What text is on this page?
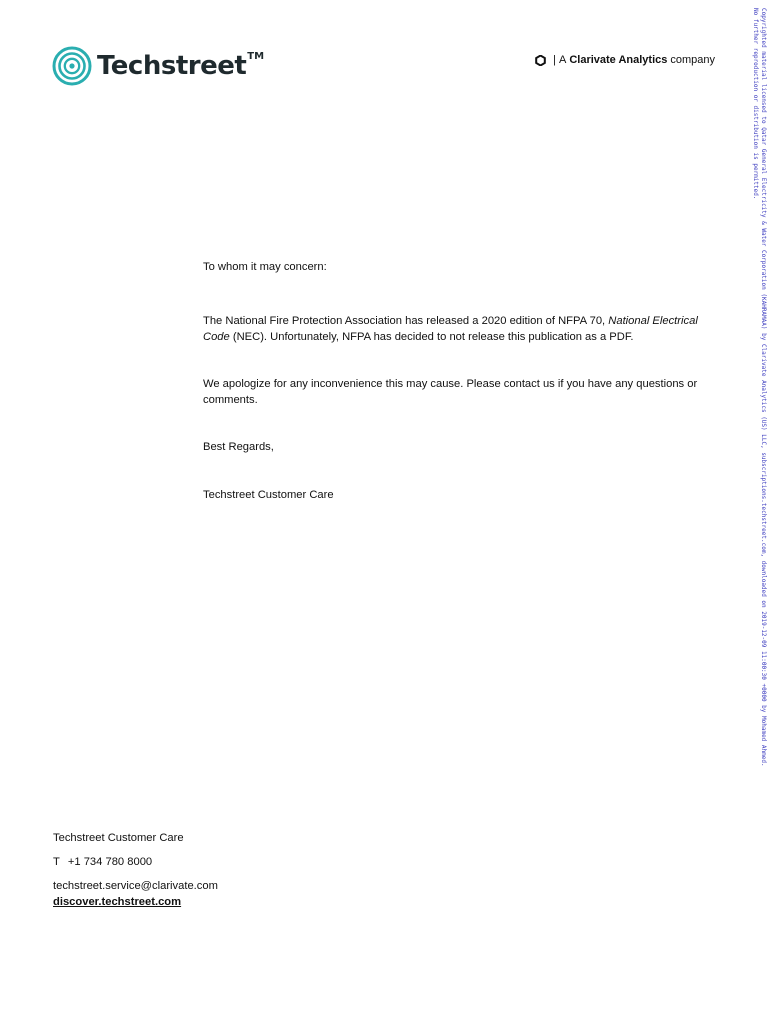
Techstreet TM	| A Clarivate Analytics company

To whom it may concern:

The National Fire Protection Association has released a 2020 edition of NFPA 70, National Electrical Code (NEC). Unfortunately, NFPA has decided to not release this publication as a PDF.

We apologize for any inconvenience this may cause. Please contact us if you have any questions or comments.

Best Regards,

Techstreet Customer Care

Techstreet Customer Care

T +1 734 780 8000

techstreet.service@clarivate.com

discover.techstreet.com

Copyrighted material licensed to Qatar General Electricity & Water Corporation (KAHRAMAA) by Clarivate Analytics (US) LLC, subscriptions.techstreet.com, downloaded on 2019-12-09 11:00:30 +0000 by Mohamed Ahmed.
No further reproduction or distribution is permitted.
